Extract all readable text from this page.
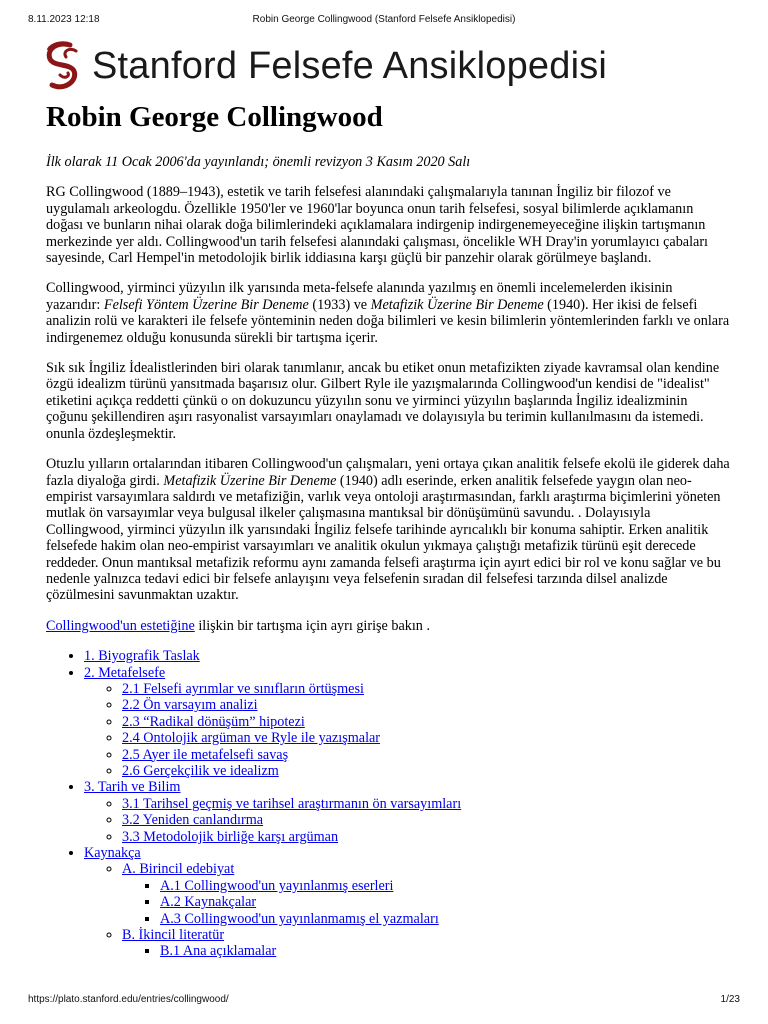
8.11.2023 12:18	Robin George Collingwood (Stanford Felsefe Ansiklopedisi)
Stanford Felsefe Ansiklopedisi
Robin George Collingwood
İlk olarak 11 Ocak 2006'da yayınlandı; önemli revizyon 3 Kasım 2020 Salı

RG Collingwood (1889–1943), estetik ve tarih felsefesi alanındaki çalışmalarıyla tanınan İngiliz bir filozof ve uygulamalı arkeologdu. Özellikle 1950'ler ve 1960'lar boyunca onun tarih felsefesi, sosyal bilimlerde açıklamanın doğası ve bunların nihai olarak doğa bilimlerindeki açıklamalara indirgenip indirgenemeyeceğine ilişkin tartışmanın merkezinde yer aldı. Collingwood'un tarih felsefesi alanındaki çalışması, öncelikle WH Dray'in yorumlayıcı çabaları sayesinde, Carl Hempel'in metodolojik birlik iddiasına karşı güçlü bir panzehir olarak görülmeye başlandı.

Collingwood, yirminci yüzyılın ilk yarısında meta-felsefe alanında yazılmış en önemli incelemelerden ikisinin yazarıdır: Felsefi Yöntem Üzerine Bir Deneme (1933) ve Metafizik Üzerine Bir Deneme (1940). Her ikisi de felsefi analizin rolü ve karakteri ile felsefe yönteminin neden doğa bilimleri ve kesin bilimlerin yöntemlerinden farklı ve onlara indirgenemez olduğu konusunda sürekli bir tartışma içerir.

Sık sık İngiliz İdealistlerinden biri olarak tanımlanır, ancak bu etiket onun metafizikten ziyade kavramsal olan kendine özgü idealizm türünü yansıtmada başarısız olur. Gilbert Ryle ile yazışmalarında Collingwood'un kendisi de "idealist" etiketini açıkça reddetti çünkü o on dokuzuncu yüzyılın sonu ve yirminci yüzyılın başlarında İngiliz idealizminin çoğunu şekillendiren aşırı rasyonalist varsayımları onaylamadı ve dolayısıyla bu terimin kullanılmasını da istemedi. onunla özdeşleşmektir.

Otuzlu yılların ortalarından itibaren Collingwood'un çalışmaları, yeni ortaya çıkan analitik felsefe ekolü ile giderek daha fazla diyaloğa girdi. Metafizik Üzerine Bir Deneme (1940) adlı eserinde, erken analitik felsefede yaygın olan neo-empirist varsayımlara saldırdı ve metafiziğin, varlık veya ontoloji araştırmasından, farklı araştırma biçimlerini yöneten mutlak ön varsayımlar veya bulgusal ilkeler çalışmasına mantıksal bir dönüşümünü savundu. . Dolayısıyla Collingwood, yirminci yüzyılın ilk yarısındaki İngiliz felsefe tarihinde ayrıcalıklı bir konuma sahiptir. Erken analitik felsefede hakim olan neo-empirist varsayımları ve analitik okulun yıkmaya çalıştığı metafizik türünü eşit derecede reddeder. Onun mantıksal metafizik reformu aynı zamanda felsefi araştırma için ayırt edici bir rol ve konu sağlar ve bu nedenle yalnızca tedavi edici bir felsefe anlayışını veya felsefenin sıradan dil felsefesi tarzında dilsel analizde çözülmesini savunmaktan uzaktır.

Collingwood'un estetiğine ilişkin bir tartışma için ayrı girişe bakın .

• 1. Biyografik Taslak
• 2. Metafelsefe
◦ 2.1 Felsefi ayrımlar ve sınıfların örtüşmesi
◦ 2.2 Ön varsayım analizi
◦ 2.3 “Radikal dönüşüm” hipotezi
◦ 2.4 Ontolojik argüman ve Ryle ile yazışmalar
◦ 2.5 Ayer ile metafelsefi savaş
◦ 2.6 Gerçekçilik ve idealizm
• 3. Tarih ve Bilim
◦ 3.1 Tarihsel geçmiş ve tarihsel araştırmanın ön varsayımları
◦ 3.2 Yeniden canlandırma
◦ 3.3 Metodolojik birliğe karşı argüman
• Kaynakça
◦ A. Birincil edebiyat
▪ A.1 Collingwood'un yayınlanmış eserleri
▪ A.2 Kaynakçalar
▪ A.3 Collingwood'un yayınlanmamış el yazmaları
◦ B. İkincil literatür
▪ B.1 Ana açıklamalar
https://plato.stanford.edu/entries/collingwood/	1/23
